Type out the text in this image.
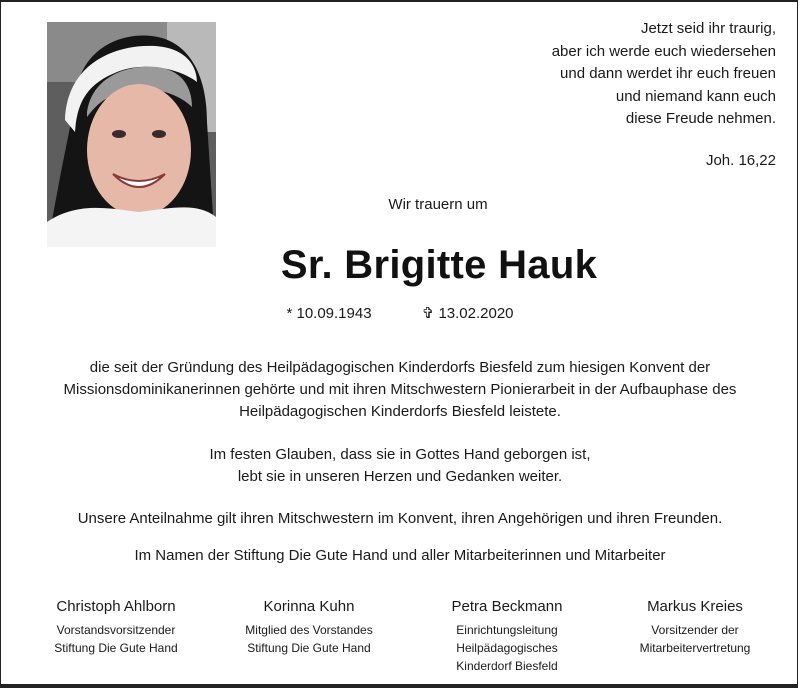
Jetzt seid ihr traurig,
aber ich werde euch wiedersehen
und dann werdet ihr euch freuen
und niemand kann euch
diese Freude nehmen.
Joh. 16,22
Wir trauern um
Sr. Brigitte Hauk
* 10.09.1943	✞ 13.02.2020
die seit der Gründung des Heilpädagogischen Kinderdorfs Biesfeld zum hiesigen Konvent der
Missionsdominikanerinnen gehörte und mit ihren Mitschwestern Pionierarbeit in der Aufbauphase des
Heilpädagogischen Kinderdorfs Biesfeld leistete.
Im festen Glauben, dass sie in Gottes Hand geborgen ist,
lebt sie in unseren Herzen und Gedanken weiter.
Unsere Anteilnahme gilt ihren Mitschwestern im Konvent, ihren Angehörigen und ihren Freunden.
Im Namen der Stiftung Die Gute Hand und aller Mitarbeiterinnen und Mitarbeiter
Christoph Ahlborn
Vorstandsvorsitzender
Stiftung Die Gute Hand
Korinna Kuhn
Mitglied des Vorstandes
Stiftung Die Gute Hand
Petra Beckmann
Einrichtungsleitung
Heilpädagogisches
Kinderdorf Biesfeld
Markus Kreies
Vorsitzender der
Mitarbeitervertretung
